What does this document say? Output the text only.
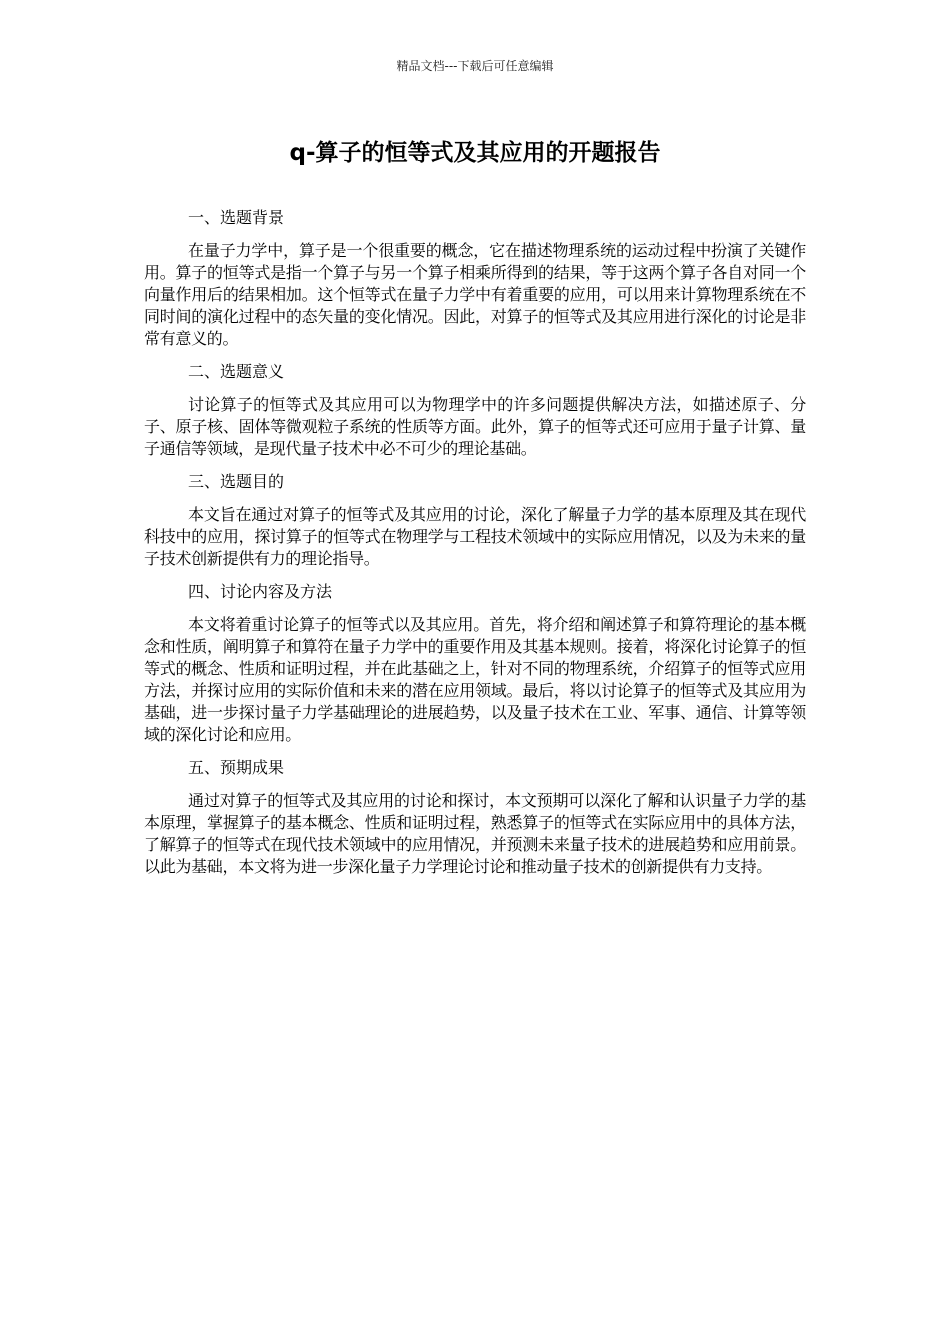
精品文档---下载后可任意编辑
q-算子的恒等式及其应用的开题报告

一、选题背景

在量子力学中，算子是一个很重要的概念，它在描述物理系统的运动过程中扮演了关键作用。算子的恒等式是指一个算子与另一个算子相乘所得到的结果，等于这两个算子各自对同一个向量作用后的结果相加。这个恒等式在量子力学中有着重要的应用，可以用来计算物理系统在不同时间的演化过程中的态矢量的变化情况。因此，对算子的恒等式及其应用进行深化的讨论是非常有意义的。

二、选题意义

讨论算子的恒等式及其应用可以为物理学中的许多问题提供解决方法，如描述原子、分子、原子核、固体等微观粒子系统的性质等方面。此外，算子的恒等式还可应用于量子计算、量子通信等领域，是现代量子技术中必不可少的理论基础。

三、选题目的

本文旨在通过对算子的恒等式及其应用的讨论，深化了解量子力学的基本原理及其在现代科技中的应用，探讨算子的恒等式在物理学与工程技术领域中的实际应用情况，以及为未来的量子技术创新提供有力的理论指导。

四、讨论内容及方法

本文将着重讨论算子的恒等式以及其应用。首先，将介绍和阐述算子和算符理论的基本概念和性质，阐明算子和算符在量子力学中的重要作用及其基本规则。接着，将深化讨论算子的恒等式的概念、性质和证明过程，并在此基础之上，针对不同的物理系统，介绍算子的恒等式应用方法，并探讨应用的实际价值和未来的潜在应用领域。最后，将以讨论算子的恒等式及其应用为基础，进一步探讨量子力学基础理论的进展趋势，以及量子技术在工业、军事、通信、计算等领域的深化讨论和应用。

五、预期成果

通过对算子的恒等式及其应用的讨论和探讨，本文预期可以深化了解和认识量子力学的基本原理，掌握算子的基本概念、性质和证明过程，熟悉算子的恒等式在实际应用中的具体方法，了解算子的恒等式在现代技术领域中的应用情况，并预测未来量子技术的进展趋势和应用前景。以此为基础，本文将为进一步深化量子力学理论讨论和推动量子技术的创新提供有力支持。
